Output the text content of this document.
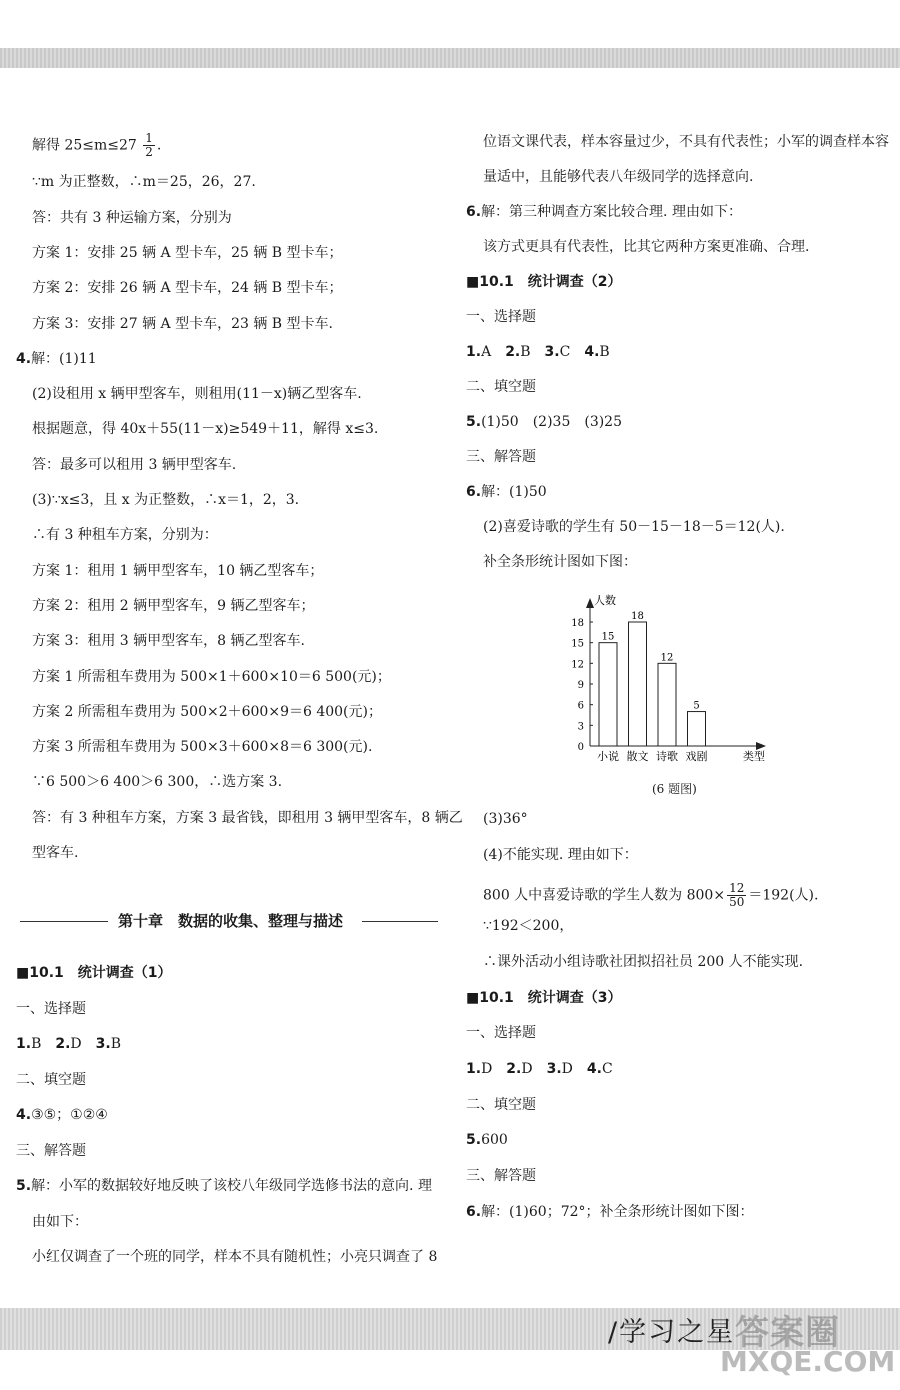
解得 $25\le m\le 27 \frac{1}{2}$ .
∵m 为正整数，∴m＝25，26，27.
答：共有 3 种运输方案，分别为
方案 1：安排 25 辆 A 型卡车，25 辆 B 型卡车；
方案 2：安排 26 辆 A 型卡车，24 辆 B 型卡车；
方案 3：安排 27 辆 A 型卡车，23 辆 B 型卡车.
4.解：(1)11
(2)设租用 x 辆甲型客车，则租用(11－x)辆乙型客车.
根据题意，得 40x＋55(11－x)≥549＋11，解得 x≤3.
答：最多可以租用 3 辆甲型客车.
(3)∵x≤3，且 x 为正整数，∴x＝1，2，3.
∴有 3 种租车方案，分别为：
方案 1：租用 1 辆甲型客车，10 辆乙型客车；
方案 2：租用 2 辆甲型客车，9 辆乙型客车；
方案 3：租用 3 辆甲型客车，8 辆乙型客车.
方案 1 所需租车费用为 500×1＋600×10＝6 500(元)；
方案 2 所需租车费用为 500×2＋600×9＝6 400(元)；
方案 3 所需租车费用为 500×3＋600×8＝6 300(元).
∵6 500＞6 400＞6 300，∴选方案 3.
答：有 3 种租车方案，方案 3 最省钱，即租用 3 辆甲型客车，8 辆乙
型客车.
第十章　数据的收集、整理与描述
■10.1　统计调查（1）
一、选择题
1.B　2.D　3.B
二、填空题
4.③⑤；①②④
三、解答题
5.解：小军的数据较好地反映了该校八年级同学选修书法的意向. 理
由如下：
小红仅调查了一个班的同学，样本不具有随机性；小亮只调查了 8
位语文课代表，样本容量过少，不具有代表性；小军的调查样本容
量适中，且能够代表八年级同学的选择意向.
6.解：第三种调查方案比较合理. 理由如下：
该方式更具有代表性，比其它两种方案更准确、合理.
■10.1　统计调查（2）
一、选择题
1.A　2.B　3.C　4.B
二、填空题
5.(1)50　(2)35　(3)25
三、解答题
6.解：(1)50
(2)喜爱诗歌的学生有 50－15－18－5＝12(人).
补全条形统计图如下图：
人数
类型
0
3
6
9
12
15
18
15
小说
18
散文
12
诗歌
5
戏剧
(6 题图)
(3)36°
(4)不能实现. 理由如下：
800 人中喜爱诗歌的学生人数为 $800\times \frac{12}{50} =192$(人).
∵192＜200，
∴课外活动小组诗歌社团拟招社员 200 人不能实现.
■10.1　统计调查（3）
一、选择题
1.D　2.D　3.D　4.C
二、填空题
5.600
三、解答题
6.解：(1)60；72°；补全条形统计图如下图：
/学习之星 答案圈
MXQE.COM
